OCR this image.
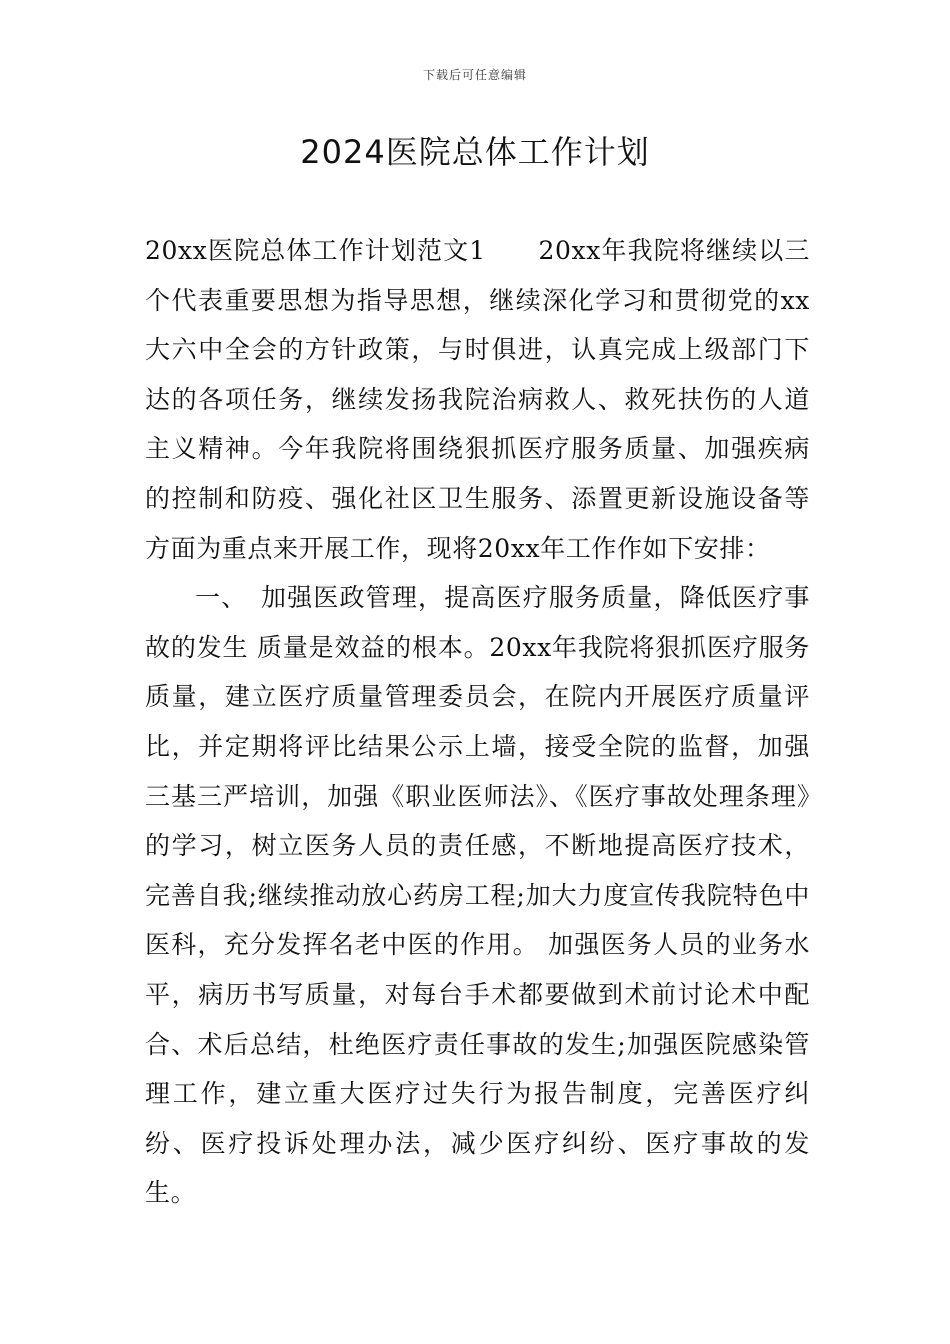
下载后可任意编辑
2024医院总体工作计划

20xx医院总体工作计划范文1　　20xx年我院将继续以三个代表重要思想为指导思想，继续深化学习和贯彻党的xx大六中全会的方针政策，与时俱进，认真完成上级部门下达的各项任务，继续发扬我院治病救人、救死扶伤的人道主义精神。今年我院将围绕狠抓医疗服务质量、加强疾病的控制和防疫、强化社区卫生服务、添置更新设施设备等方面为重点来开展工作，现将20xx年工作作如下安排：

一、　加强医政管理，提高医疗服务质量，降低医疗事故的发生 质量是效益的根本。20xx年我院将狠抓医疗服务质量，建立医疗质量管理委员会，在院内开展医疗质量评比，并定期将评比结果公示上墙，接受全院的监督，加强三基三严培训，加强《职业医师法》、《医疗事故处理条理》的学习，树立医务人员的责任感，不断地提高医疗技术，完善自我;继续推动放心药房工程;加大力度宣传我院特色中医科，充分发挥名老中医的作用。 加强医务人员的业务水平，病历书写质量，对每台手术都要做到术前讨论术中配合、术后总结，杜绝医疗责任事故的发生;加强医院感染管理工作，建立重大医疗过失行为报告制度，完善医疗纠纷、医疗投诉处理办法，减少医疗纠纷、医疗事故的发生。
